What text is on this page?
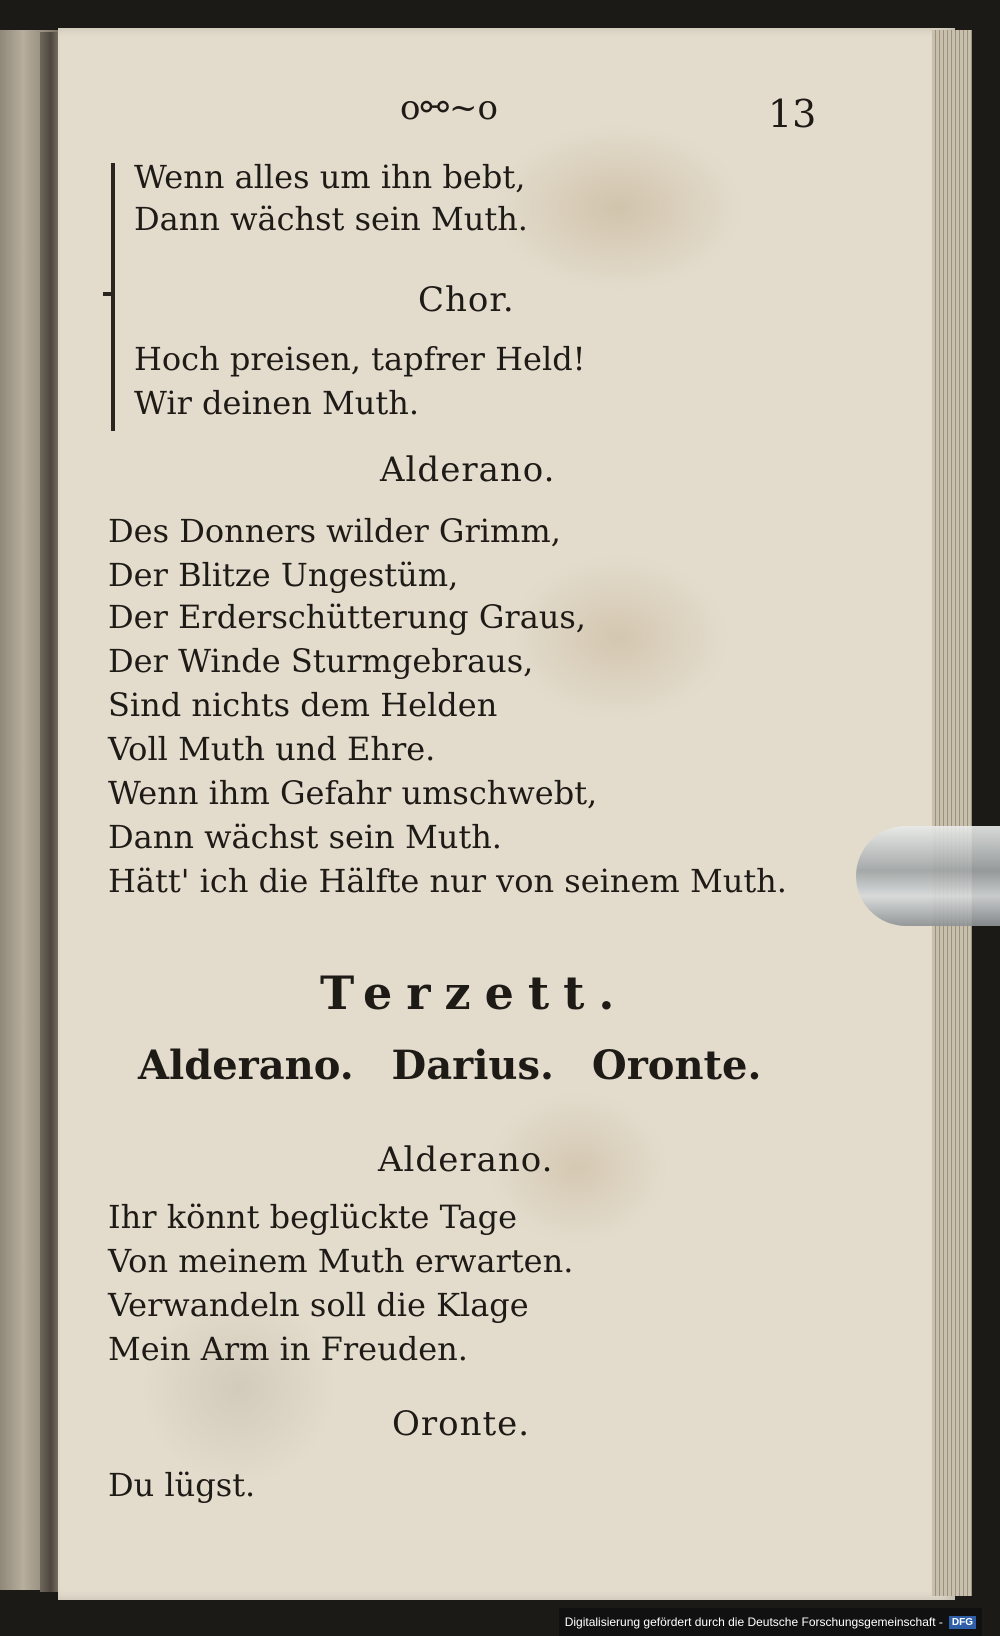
o⚯~o	13
Wenn alles um ihn bebt,
Dann wächst sein Muth.
Chor.
Hoch preisen, tapfrer Held!
Wir deinen Muth.
Alderano.
Des Donners wilder Grimm,
Der Blitze Ungestüm,
Der Erderschütterung Graus,
Der Winde Sturmgebraus,
Sind nichts dem Helden
Voll Muth und Ehre.
Wenn ihm Gefahr umschwebt,
Dann wächst sein Muth.
Hätt' ich die Hälfte nur von seinem Muth.
Terzett.
Alderano. Darius. Oronte.
Alderano.
Ihr könnt beglückte Tage
Von meinem Muth erwarten.
Verwandeln soll die Klage
Mein Arm in Freuden.
Oronte.
Du lügst.
Digitalisierung gefördert durch die Deutsche Forschungsgemeinschaft - DFG
